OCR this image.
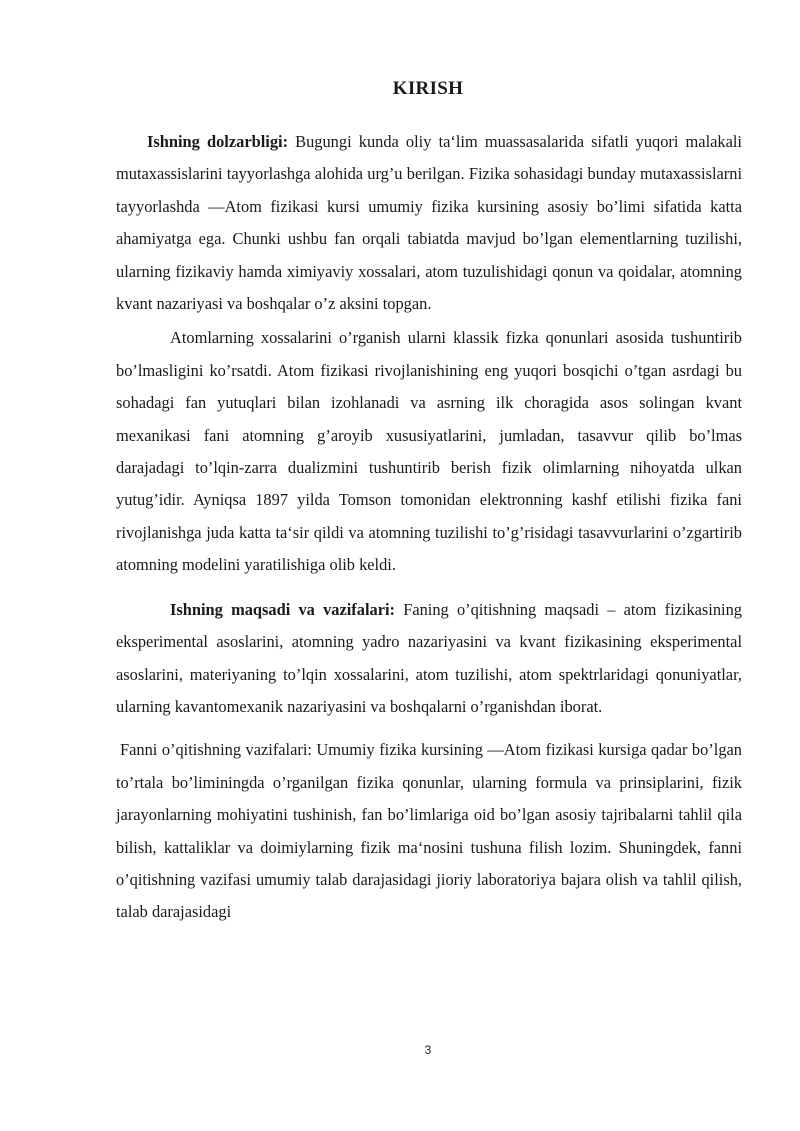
KIRISH

Ishning dolzarbligi: Bugungi kunda oliy ta‘lim muassasalarida sifatli yuqori malakali mutaxassislarini tayyorlashga alohida urg’u berilgan. Fizika sohasidagi bunday mutaxassislarni tayyorlashda ―Atom fizikasi kursi umumiy fizika kursining asosiy bo’limi sifatida katta ahamiyatga ega. Chunki ushbu fan orqali tabiatda mavjud bo’lgan elementlarning tuzilishi, ularning fizikaviy hamda ximiyaviy xossalari, atom tuzulishidagi qonun va qoidalar, atomning kvant nazariyasi va boshqalar o’z aksini topgan.

Atomlarning xossalarini o’rganish ularni klassik fizka qonunlari asosida tushuntirib bo’lmasligini ko’rsatdi. Atom fizikasi rivojlanishining eng yuqori bosqichi o’tgan asrdagi bu sohadagi fan yutuqlari bilan izohlanadi va asrning ilk choragida asos solingan kvant mexanikasi fani atomning g’aroyib xususiyatlarini, jumladan, tasavvur qilib bo’lmas darajadagi to’lqin-zarra dualizmini tushuntirib berish fizik olimlarning nihoyatda ulkan yutug’idir. Ayniqsa 1897 yilda Tomson tomonidan elektronning kashf etilishi fizika fani rivojlanishga juda katta ta‘sir qildi va atomning tuzilishi to’g’risidagi tasavvurlarini o’zgartirib atomning modelini yaratilishiga olib keldi.

Ishning maqsadi va vazifalari: Faning o’qitishning maqsadi – atom fizikasining eksperimental asoslarini, atomning yadro nazariyasini va kvant fizikasining eksperimental asoslarini, materiyaning to’lqin xossalarini, atom tuzilishi, atom spektrlaridagi qonuniyatlar, ularning kavantomexanik nazariyasini va boshqalarni o’rganishdan iborat.

Fanni o’qitishning vazifalari: Umumiy fizika kursining ―Atom fizikasi kursiga qadar bo’lgan to’rtala bo’liminingda o’rganilgan fizika qonunlar, ularning formula va prinsiplarini, fizik jarayonlarning mohiyatini tushinish, fan bo’limlariga oid bo’lgan asosiy tajribalarni tahlil qila bilish, kattaliklar va doimiylarning fizik ma‘nosini tushuna filish lozim. Shuningdek, fanni o’qitishning vazifasi umumiy talab darajasidagi jioriy laboratoriya bajara olish va tahlil qilish, talab darajasidagi

3
